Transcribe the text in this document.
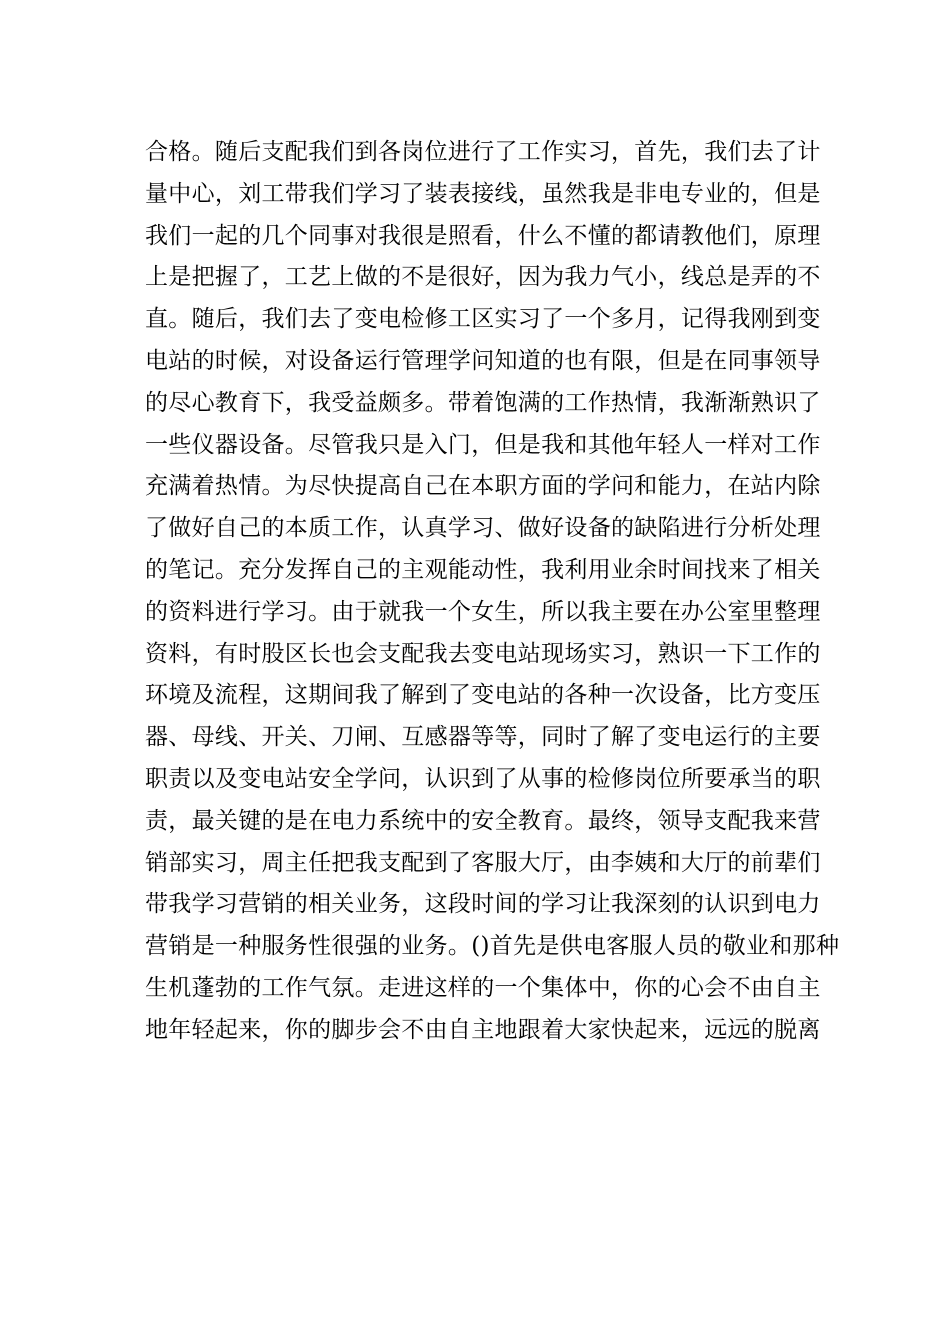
合格。随后支配我们到各岗位进行了工作实习，首先，我们去了计
量中心，刘工带我们学习了装表接线，虽然我是非电专业的，但是
我们一起的几个同事对我很是照看，什么不懂的都请教他们，原理
上是把握了，工艺上做的不是很好，因为我力气小，线总是弄的不
直。随后，我们去了变电检修工区实习了一个多月，记得我刚到变
电站的时候，对设备运行管理学问知道的也有限，但是在同事领导
的尽心教育下，我受益颇多。带着饱满的工作热情，我渐渐熟识了
一些仪器设备。尽管我只是入门，但是我和其他年轻人一样对工作
充满着热情。为尽快提高自己在本职方面的学问和能力，在站内除
了做好自己的本质工作，认真学习、做好设备的缺陷进行分析处理
的笔记。充分发挥自己的主观能动性，我利用业余时间找来了相关
的资料进行学习。由于就我一个女生，所以我主要在办公室里整理
资料，有时股区长也会支配我去变电站现场实习，熟识一下工作的
环境及流程，这期间我了解到了变电站的各种一次设备，比方变压
器、母线、开关、刀闸、互感器等等，同时了解了变电运行的主要
职责以及变电站安全学问，认识到了从事的检修岗位所要承当的职
责，最关键的是在电力系统中的安全教育。最终，领导支配我来营
销部实习，周主任把我支配到了客服大厅，由李姨和大厅的前辈们
带我学习营销的相关业务，这段时间的学习让我深刻的认识到电力
营销是一种服务性很强的业务。()首先是供电客服人员的敬业和那种
生机蓬勃的工作气氛。走进这样的一个集体中，你的心会不由自主
地年轻起来，你的脚步会不由自主地跟着大家快起来，远远的脱离
